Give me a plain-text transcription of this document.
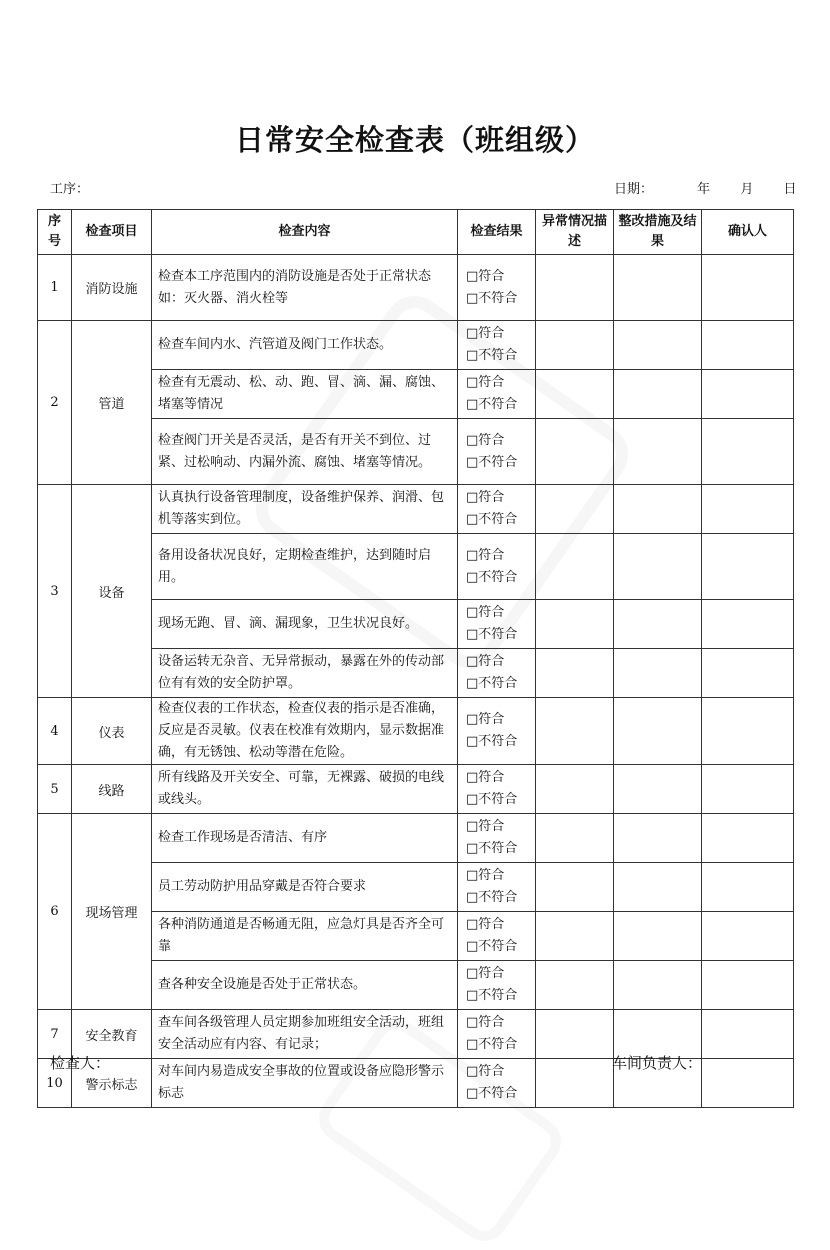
日常安全检查表（班组级）
工序：	日期：	年 月 日
序号	检查项目	检查内容	检查结果	异常情况描述	整改措施及结果	确认人
1	消防设施	检查本工序范围内的消防设施是否处于正常状态
如：灭火器、消火栓等	□符合
□不符合			

2	管道	检查车间内水、汽管道及阀门工作状态。	□符合
□不符合			

		检查有无震动、松、动、跑、冒、滴、漏、腐蚀、堵塞等情况	□符合
□不符合			

		检查阀门开关是否灵活，是否有开关不到位、过紧、过松响动、内漏外流、腐蚀、堵塞等情况。	□符合
□不符合			

3	设备	认真执行设备管理制度，设备维护保养、润滑、包机等落实到位。	□符合
□不符合			

		备用设备状况良好，定期检查维护，达到随时启用。	□符合
□不符合			

		现场无跑、冒、滴、漏现象，卫生状况良好。	□符合
□不符合			

		设备运转无杂音、无异常振动，暴露在外的传动部位有有效的安全防护罩。	□符合
□不符合			

4	仪表	检查仪表的工作状态，检查仪表的指示是否准确，反应是否灵敏。仪表在校准有效期内，显示数据准确，有无锈蚀、松动等潜在危险。	□符合
□不符合			

5	线路	所有线路及开关安全、可靠，无裸露、破损的电线或线头。	□符合
□不符合			

6	现场管理	检查工作现场是否清洁、有序	□符合
□不符合			

		员工劳动防护用品穿戴是否符合要求	□符合
□不符合			

		各种消防通道是否畅通无阻，应急灯具是否齐全可靠	□符合
□不符合			

		查各种安全设施是否处于正常状态。	□符合
□不符合			

7	安全教育	查车间各级管理人员定期参加班组安全活动，班组安全活动应有内容、有记录；	□符合
□不符合			

10	警示标志	对车间内易造成安全事故的位置或设备应隐形警示标志	□符合
□不符合			

检查人：	车间负责人：
